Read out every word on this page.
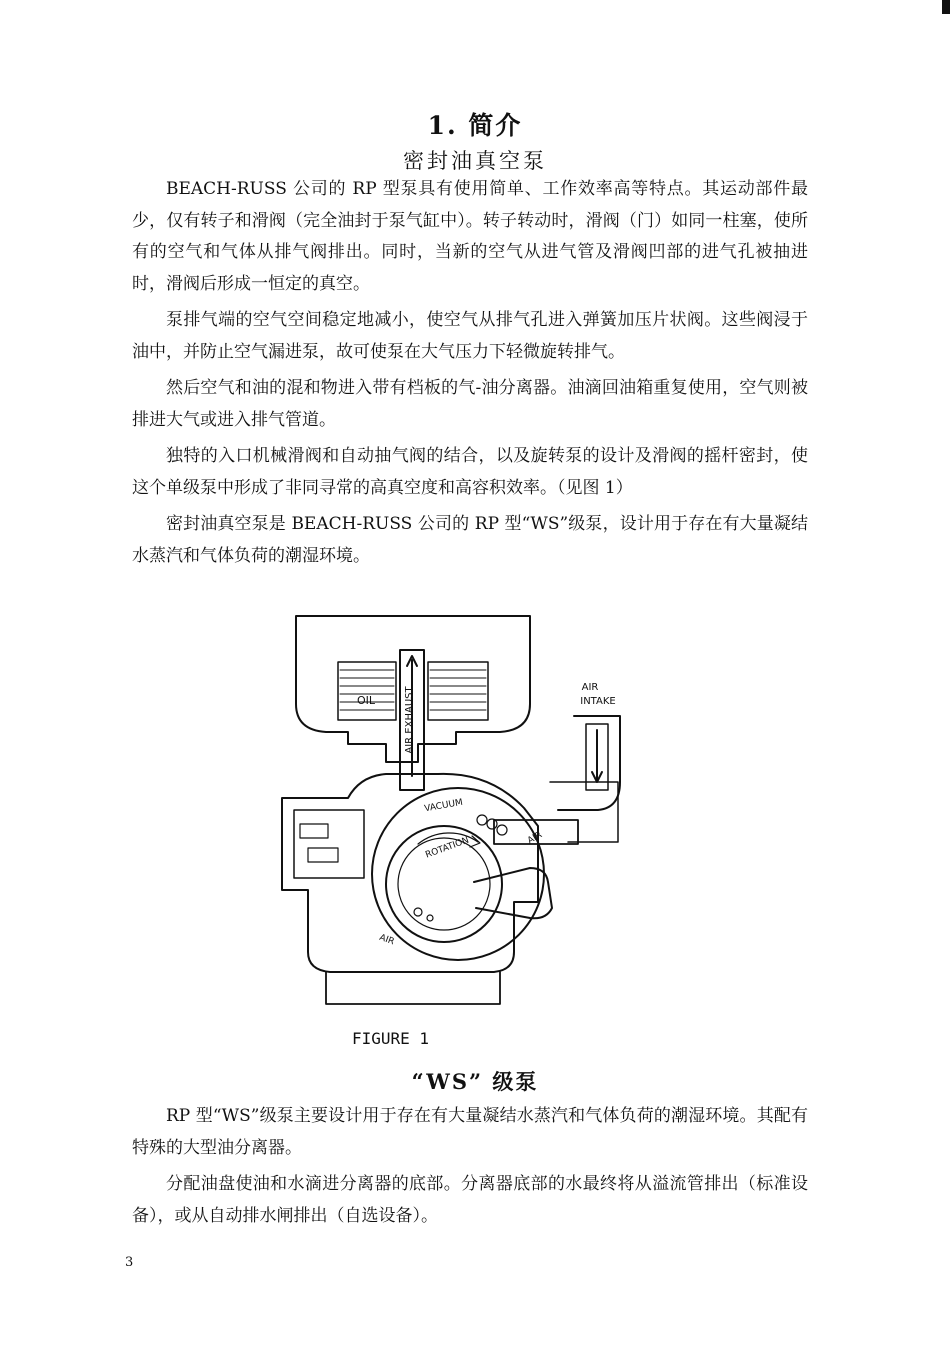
1. 简介
密封油真空泵

BEACH-RUSS 公司的 RP 型泵具有使用简单、工作效率高等特点。其运动部件最少，仅有转子和滑阀（完全油封于泵气缸中）。转子转动时，滑阀（门）如同一柱塞，使所有的空气和气体从排气阀排出。同时，当新的空气从进气管及滑阀凹部的进气孔被抽进时，滑阀后形成一恒定的真空。

泵排气端的空气空间稳定地减小，使空气从排气孔进入弹簧加压片状阀。这些阀浸于油中，并防止空气漏进泵，故可使泵在大气压力下轻微旋转排气。

然后空气和油的混和物进入带有档板的气-油分离器。油滴回油箱重复使用，空气则被排进大气或进入排气管道。

独特的入口机械滑阀和自动抽气阀的结合，以及旋转泵的设计及滑阀的摇杆密封，使这个单级泵中形成了非同寻常的高真空度和高容积效率。（见图 1）

密封油真空泵是 BEACH-RUSS 公司的 RP 型“WS”级泵，设计用于存在有大量凝结水蒸汽和气体负荷的潮湿环境。

AIR EXHAUST
OIL
ROTATION
VACUUM
AIR
AIR
AIR
INTAKE
FIGURE 1
“WS” 级泵

RP 型“WS”级泵主要设计用于存在有大量凝结水蒸汽和气体负荷的潮湿环境。其配有特殊的大型油分离器。

分配油盘使油和水滴进分离器的底部。分离器底部的水最终将从溢流管排出（标准设备），或从自动排水闸排出（自选设备）。

3
